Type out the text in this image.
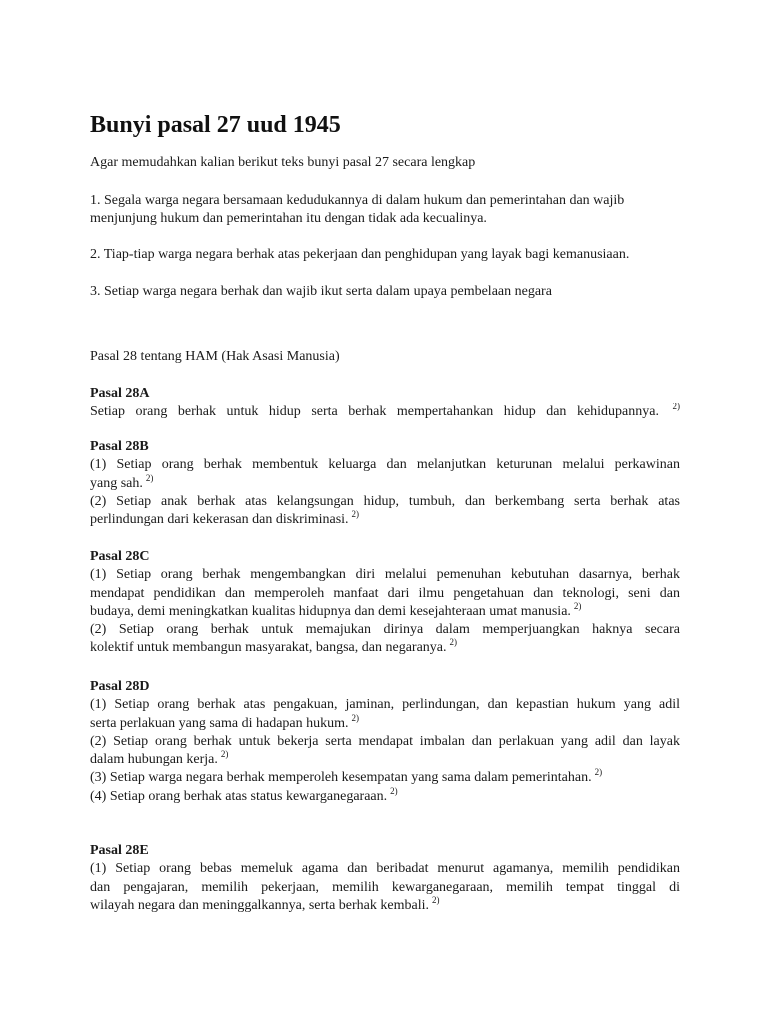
Bunyi pasal 27 uud 1945
Agar memudahkan kalian berikut teks bunyi pasal 27 secara lengkap
1. Segala warga negara bersamaan kedudukannya di dalam hukum dan pemerintahan dan wajib
menjunjung hukum dan pemerintahan itu dengan tidak ada kecualinya.
2. Tiap-tiap warga negara berhak atas pekerjaan dan penghidupan yang layak bagi kemanusiaan.
3. Setiap warga negara berhak dan wajib ikut serta dalam upaya pembelaan negara
Pasal 28 tentang HAM (Hak Asasi Manusia)
Pasal 28A
Setiap orang berhak untuk hidup serta berhak mempertahankan hidup dan kehidupannya. $^{2)}$
Pasal 28B
(1) Setiap orang berhak membentuk keluarga dan melanjutkan keturunan melalui perkawinan
yang sah. $^{2)}$
(2) Setiap anak berhak atas kelangsungan hidup, tumbuh, dan berkembang serta berhak atas
perlindungan dari kekerasan dan diskriminasi. $^{2)}$
Pasal 28C
(1) Setiap orang berhak mengembangkan diri melalui pemenuhan kebutuhan dasarnya, berhak
mendapat pendidikan dan memperoleh manfaat dari ilmu pengetahuan dan teknologi, seni dan
budaya, demi meningkatkan kualitas hidupnya dan demi kesejahteraan umat manusia. $^{2)}$
(2) Setiap orang berhak untuk memajukan dirinya dalam memperjuangkan haknya secara
kolektif untuk membangun masyarakat, bangsa, dan negaranya. $^{2)}$
Pasal 28D
(1) Setiap orang berhak atas pengakuan, jaminan, perlindungan, dan kepastian hukum yang adil
serta perlakuan yang sama di hadapan hukum. $^{2)}$
(2) Setiap orang berhak untuk bekerja serta mendapat imbalan dan perlakuan yang adil dan layak
dalam hubungan kerja. $^{2)}$
(3) Setiap warga negara berhak memperoleh kesempatan yang sama dalam pemerintahan. $^{2)}$
(4) Setiap orang berhak atas status kewarganegaraan. $^{2)}$
Pasal 28E
(1) Setiap orang bebas memeluk agama dan beribadat menurut agamanya, memilih pendidikan
dan pengajaran, memilih pekerjaan, memilih kewarganegaraan, memilih tempat tinggal di
wilayah negara dan meninggalkannya, serta berhak kembali. $^{2)}$
